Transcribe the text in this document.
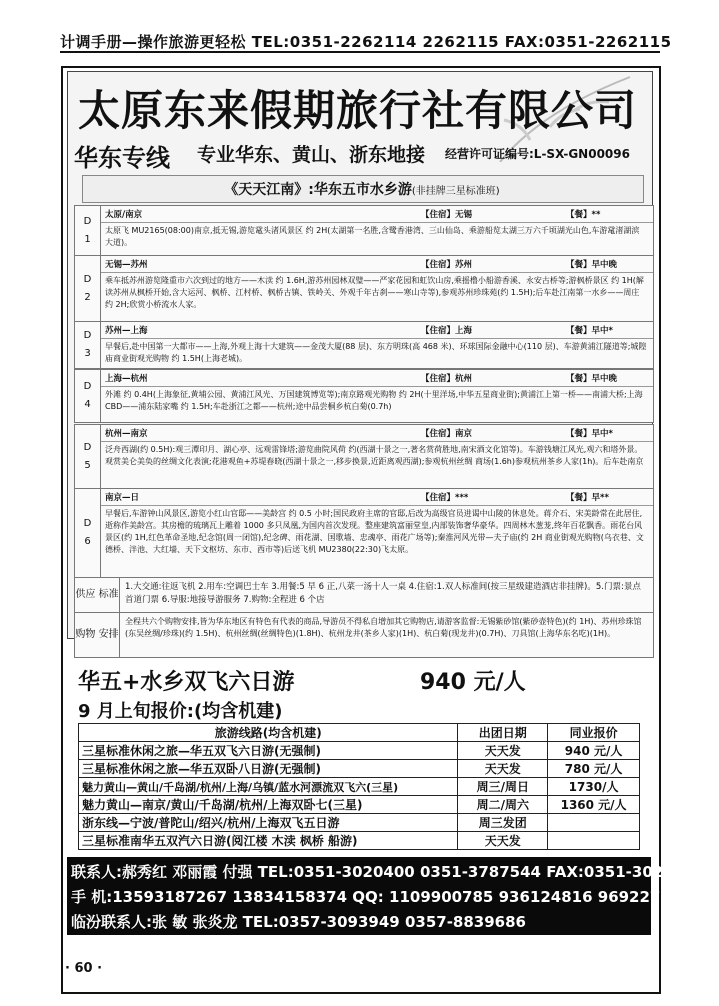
计调手册—操作旅游更轻松 TEL:0351-2262114 2262115 FAX:0351-2262115
太原东来假期旅行社有限公司
华东专线 专业华东、黄山、浙东地接 经营许可证编号:L-SX-GN00096
《天天江南》:华东五市水乡游(非挂牌三星标准班)
D
1
太原/南京	【住宿】无锡	【餐】**
太原飞 MU2165(08:00)南京,抵无锡,游览鼋头渚风景区 约 2H(太湖第一名胜,含鹭香港湾、三山仙岛、乘游船览太湖三万六千顷湖光山色,车游鼋渚湖滨大道)。
D
2
无锡—苏州	【住宿】苏州	【餐】早中晚
乘车抵苏州游览隆重市六次到过的地方——木渎 约 1.6H,游苏州园林双璧——严家花园和虹饮山房,乘摇橹小船游香溪、永安古桥等;游枫桥景区 约 1H(解读苏州从枫桥开始,含大运河、枫桥、江村桥、枫桥古镇、铁岭关、外观千年古刹——寒山寺等),参观苏州珍珠苑(约 1.5H);后车赴江南第一水乡——周庄 约 2H;欣赏小桥流水人家。
D
3
苏州—上海	【住宿】上海	【餐】早中*
早餐后,赴中国第一大都市——上海,外观上海十大建筑——金茂大厦(88 层)、东方明珠(高 468 米)、环球国际金融中心(110 层)、车游黄浦江隧道等;城隍庙商业街观光购物 约 1.5H(上海老城)。
D
4
上海—杭州	【住宿】杭州	【餐】早中晚
外滩 约 0.4H(上海象征,黄埔公园、黄浦江风光、万国建筑博览等);南京路观光购物 约 2H(十里洋场,中华五星商业街);黄浦江上第一桥——南浦大桥;上海 CBD——浦东陆家嘴 约 1.5H;车赴浙江之都——杭州;途中品尝桐乡杭白菊(0.7h)
D
5
杭州—南京	【住宿】南京	【餐】早中*
泛舟西湖(约 0.5H):观三潭印月、湖心亭、远观雷锋塔;游览曲院风荷 约(西湖十景之一,著名赏荷胜地,南宋酒文化馆等)。车游钱塘江风光,观六和塔外景。观赏美仑美奂的丝绸文化表演;花港观鱼+苏堤春晓(西湖十景之一,移步换景,近距离观西湖);参观杭州丝绸 商场(1.6h)参观杭州茶乡人家(1h)。后车赴南京
D
6
南京—日	【住宿】***	【餐】早**
早餐后,车游钟山风景区,游览小红山官邸——美龄宫 约 0.5 小时;国民政府主席的官邸,后改为高级官员进谒中山陵的休息处。蒋介石、宋美龄常在此居住,逝称作美龄宫。其房檐的琉璃瓦上雕着 1000 多只凤凰,为国内首次发现。整座建筑富丽堂皇,内部装饰奢华豪华。四周林木葱茏,终年百花飘香。雨花台风景区(约 1H,红色革命圣地,纪念馆(周一闭馆),纪念碑、雨花湖、国歌墙、忠魂亭、雨花广场等);秦淮河风光带—夫子庙(约 2H 商业街观光购物(乌衣巷、文德桥、泮池、大红墙、天下文枢坊、东市、西市等)后送飞机 MU2380(22:30)飞太原。
供应 标准
1.大交通:往返飞机 2.用车:空调巴士车 3.用餐:5 早 6 正,八菜一汤十人一桌 4.住宿:1.双人标准间(按三星级建造酒店非挂牌)。5.门票:景点首道门票 6.导服:地接导游服务 7.购物:全程进 6 个店
购物 安排
全程共六个购物安排,皆为华东地区有特色有代表的商品,导游员不得私自增加其它购物店,请游客监督:无锡紫砂馆(紫砂壶特色)(约 1H)、苏州珍珠馆(东吴丝绸/珍珠)(约 1.5H)、杭州丝绸(丝绸特色)(1.8H)、杭州龙井(茶乡人家)(1H)、杭白菊(现龙井)(0.7H)、刀具馆(上海华东名吃)(1H)。
华五+水乡双飞六日游	940 元/人
9 月上旬报价:(均含机建)
旅游线路(均含机建)	出团日期	同业报价
三星标准休闲之旅—华五双飞六日游(无强制)	天天发	940 元/人
三星标准休闲之旅—华五双卧八日游(无强制)	天天发	780 元/人
魅力黄山—黄山/千岛湖/杭州/上海/乌镇/蓝水河漂流双飞六(三星)	周三/周日	1730/人
魅力黄山—南京/黄山/千岛湖/杭州/上海双卧七(三星)	周二/周六	1360 元/人
浙东线—宁波/普陀山/绍兴/杭州/上海双飞五日游	周三发团	
三星标准南华五双汽六日游(阅江楼 木渎 枫桥 船游)	天天发	
联系人:郝秀红 邓丽霞 付强 TEL:0351-3020400 0351-3787544 FAX:0351-3020500
手 机:13593187267 13834158374 QQ: 1109900785 936124816 969227353
临汾联系人:张 敏 张炎龙 TEL:0357-3093949 0357-8839686
· 60 ·
